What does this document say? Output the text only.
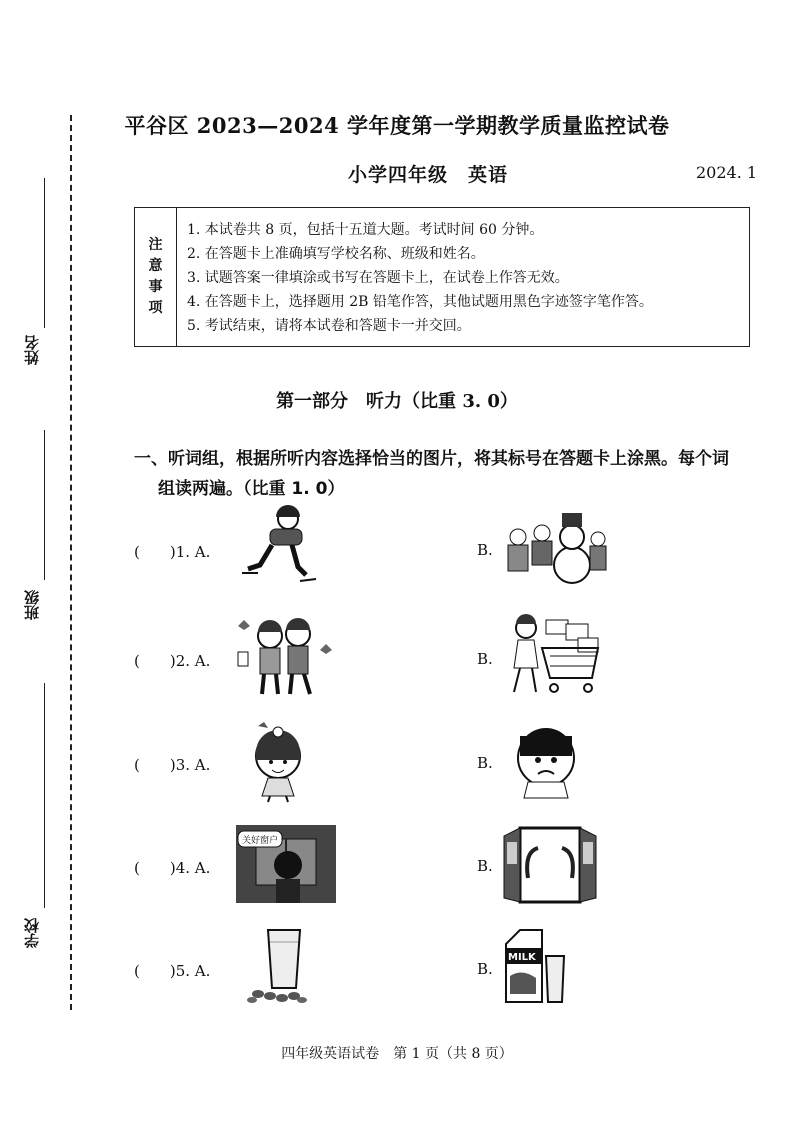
姓名
班级
学校
平谷区 2023—2024 学年度第一学期教学质量监控试卷
小学四年级　英语	2024. 1
注
意
事
项
1. 本试卷共 8 页，包括十五道大题。考试时间 60 分钟。
2. 在答题卡上准确填写学校名称、班级和姓名。
3. 试题答案一律填涂或书写在答题卡上，在试卷上作答无效。
4. 在答题卡上，选择题用 2B 铅笔作答，其他试题用黑色字迹签字笔作答。
5. 考试结束，请将本试卷和答题卡一并交回。
第一部分　听力（比重 3. 0）
一、听词组，根据所听内容选择恰当的图片，将其标号在答题卡上涂黑。每个词
组读两遍。（比重 1. 0）
(　　)1. A.	B.
(　　)2. A.	B.
(　　)3. A.	B.
(　　)4. A.
关好窗户
B.
(　　)5. A.	B.
MILK
四年级英语试卷　第 1 页（共 8 页）
